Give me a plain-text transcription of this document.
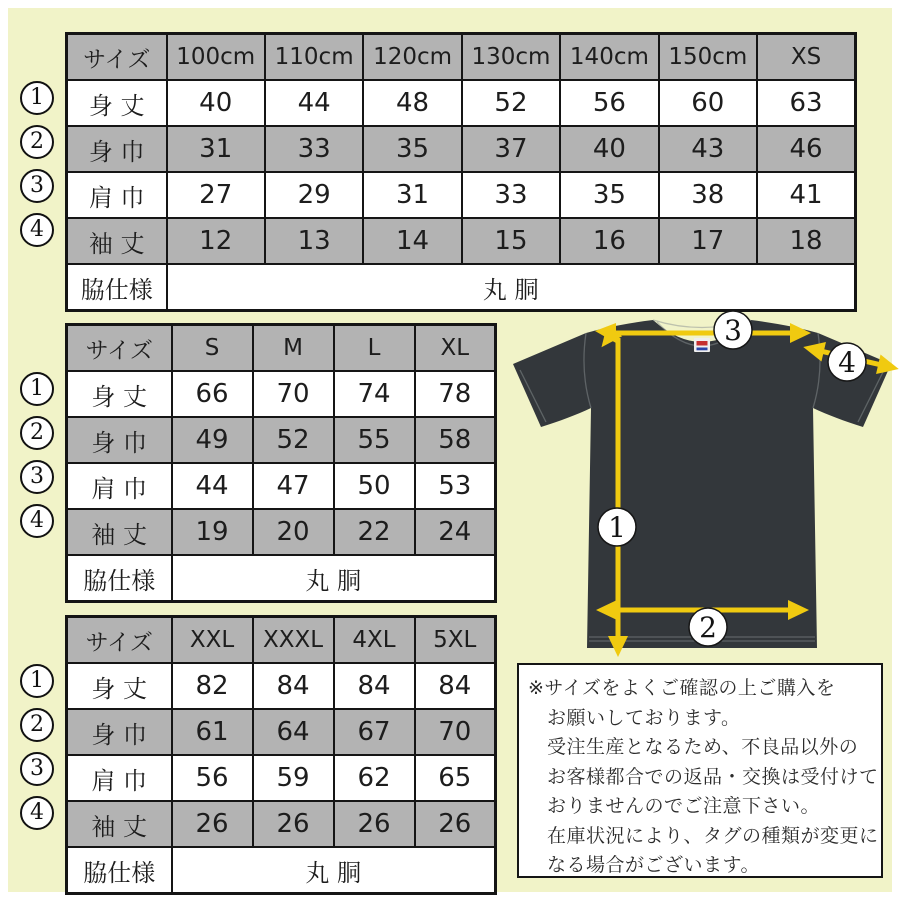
サイズ	100cm	110cm	120cm	130cm	140cm	150cm	XS
身 丈	40	44	48	52	56	60	63
身 巾	31	33	35	37	40	43	46
肩 巾	27	29	31	33	35	38	41
袖 丈	12	13	14	15	16	17	18
脇仕様	丸 胴						
サイズ	S	M	L	XL
身 丈	66	70	74	78
身 巾	49	52	55	58
肩 巾	44	47	50	53
袖 丈	19	20	22	24
脇仕様	丸 胴			
サイズ	XXL	XXXL	4XL	5XL
身 丈	82	84	84	84
身 巾	61	64	67	70
肩 巾	56	59	62	65
袖 丈	26	26	26	26
脇仕様	丸 胴			
1
2
3
4
1
2
3
4
1
2
3
4
1
2
3
4
※サイズをよくご確認の上ご購入を
お願いしております。
受注生産となるため、不良品以外の
お客様都合での返品・交換は受付けて
おりませんのでご注意下さい。
在庫状況により、タグの種類が変更に
なる場合がございます。
